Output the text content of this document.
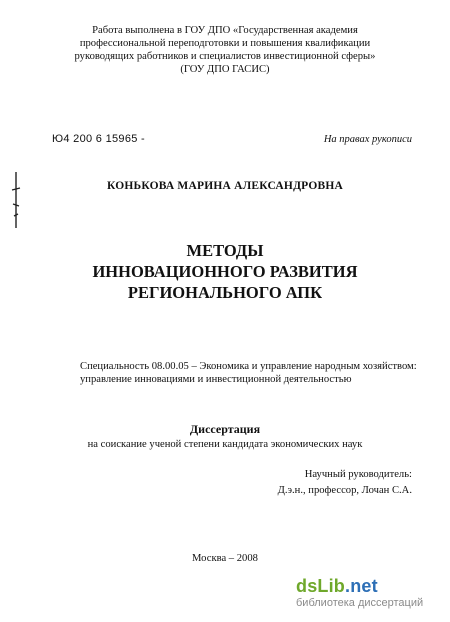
Работа выполнена в ГОУ ДПО «Государственная академия
профессиональной переподготовки и повышения квалификации
руководящих работников и специалистов инвестиционной сферы»
(ГОУ ДПО ГАСИС)
Ю4 200 6 15965 -	На правах рукописи
КОНЬКОВА МАРИНА АЛЕКСАНДРОВНА
МЕТОДЫ
ИННОВАЦИОННОГО РАЗВИТИЯ
РЕГИОНАЛЬНОГО АПК
Специальность 08.00.05 – Экономика и управление народным хозяйством:
управление инновациями и инвестиционной деятельностью
Диссертация
на соискание ученой степени кандидата экономических наук
Научный руководитель:
Д.э.н., профессор, Лочан С.А.
Москва – 2008
dsLib.net
библиотека диссертаций
